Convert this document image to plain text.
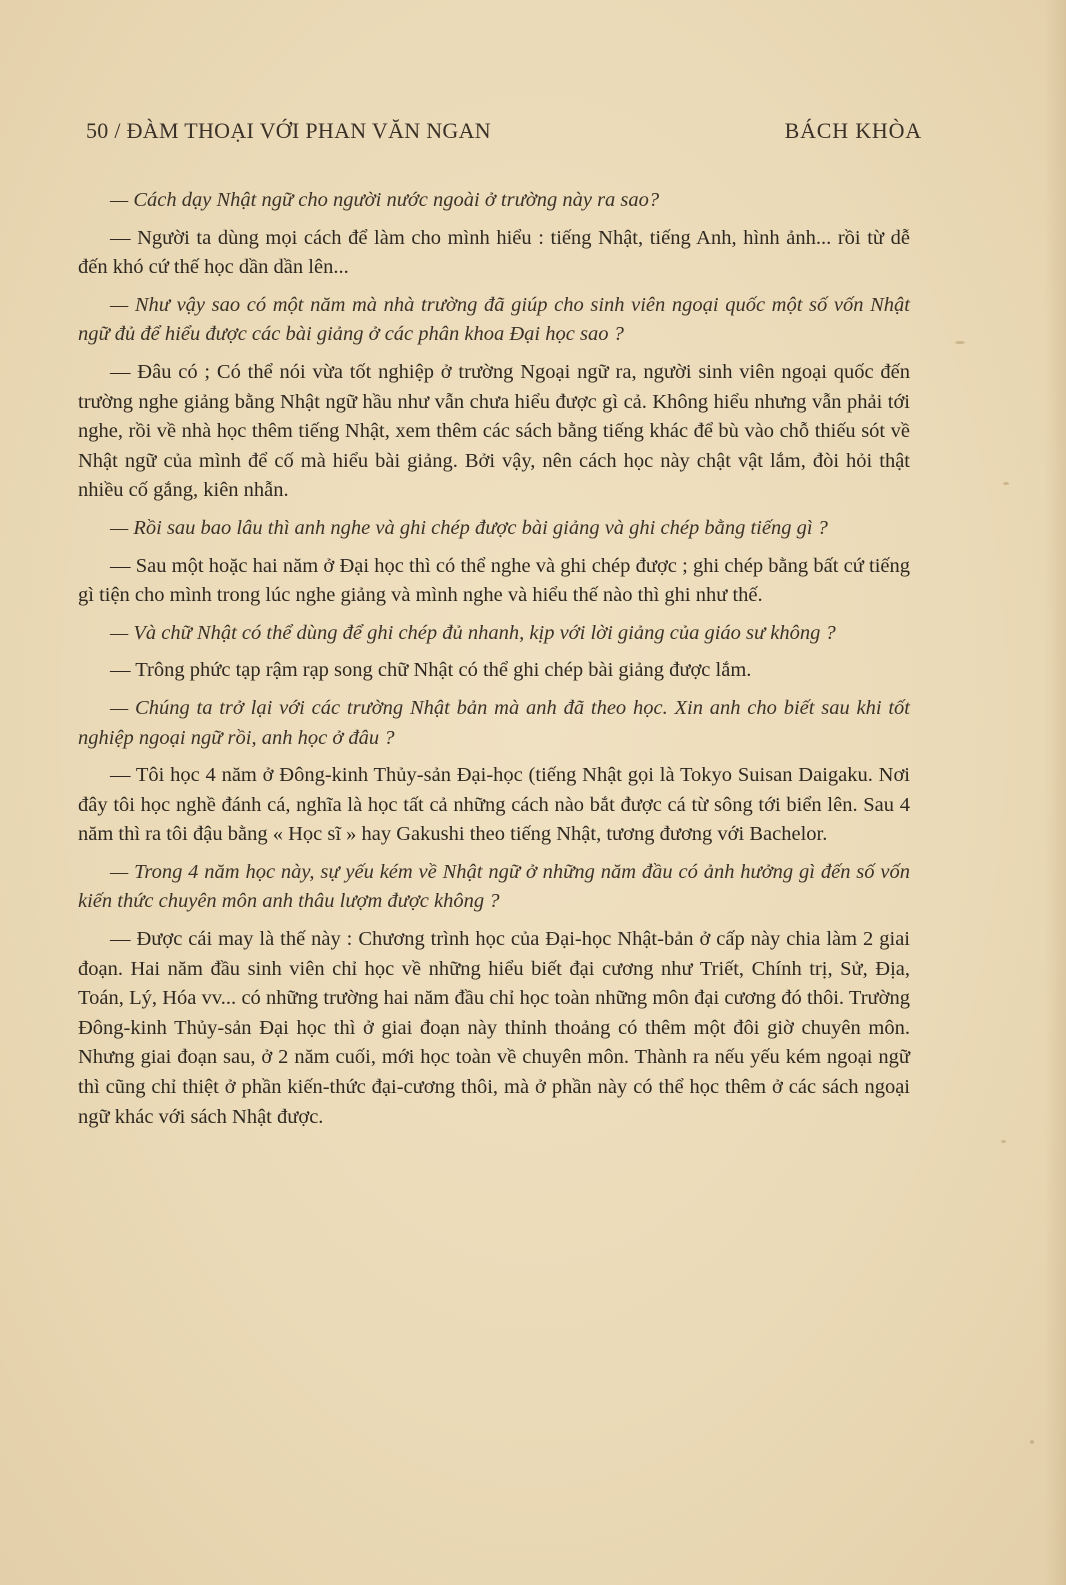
50 / ĐÀM THOẠI VỚI PHAN VĂN NGAN	BÁCH KHÒA

— Cách dạy Nhật ngữ cho người nước ngoài ở trường này ra sao?

— Người ta dùng mọi cách để làm cho mình hiểu : tiếng Nhật, tiếng Anh, hình ảnh... rồi từ dễ đến khó cứ thế học dần dần lên...

— Như vậy sao có một năm mà nhà trường đã giúp cho sinh viên ngoại quốc một số vốn Nhật ngữ đủ để hiểu được các bài giảng ở các phân khoa Đại học sao ?

— Đâu có ; Có thể nói vừa tốt nghiệp ở trường Ngoại ngữ ra, người sinh viên ngoại quốc đến trường nghe giảng bằng Nhật ngữ hầu như vẫn chưa hiểu được gì cả. Không hiểu nhưng vẫn phải tới nghe, rồi về nhà học thêm tiếng Nhật, xem thêm các sách bằng tiếng khác để bù vào chỗ thiếu sót về Nhật ngữ của mình để cố mà hiểu bài giảng. Bởi vậy, nên cách học này chật vật lắm, đòi hỏi thật nhiều cố gắng, kiên nhẫn.

— Rồi sau bao lâu thì anh nghe và ghi chép được bài giảng và ghi chép bằng tiếng gì ?

— Sau một hoặc hai năm ở Đại học thì có thể nghe và ghi chép được ; ghi chép bằng bất cứ tiếng gì tiện cho mình trong lúc nghe giảng và mình nghe và hiểu thế nào thì ghi như thế.

— Và chữ Nhật có thể dùng để ghi chép đủ nhanh, kịp với lời giảng của giáo sư không ?

— Trông phức tạp rậm rạp song chữ Nhật có thể ghi chép bài giảng được lắm.

— Chúng ta trở lại với các trường Nhật bản mà anh đã theo học. Xin anh cho biết sau khi tốt nghiệp ngoại ngữ rồi, anh học ở đâu ?

— Tôi học 4 năm ở Đông-kinh Thủy-sản Đại-học (tiếng Nhật gọi là Tokyo Suisan Daigaku. Nơi đây tôi học nghề đánh cá, nghĩa là học tất cả những cách nào bắt được cá từ sông tới biển lên. Sau 4 năm thì ra tôi đậu bằng « Học sĩ » hay Gakushi theo tiếng Nhật, tương đương với Bachelor.

— Trong 4 năm học này, sự yếu kém về Nhật ngữ ở những năm đầu có ảnh hưởng gì đến số vốn kiến thức chuyên môn anh thâu lượm được không ?

— Được cái may là thế này : Chương trình học của Đại-học Nhật-bản ở cấp này chia làm 2 giai đoạn. Hai năm đầu sinh viên chỉ học về những hiểu biết đại cương như Triết, Chính trị, Sử, Địa, Toán, Lý, Hóa vv... có những trường hai năm đầu chỉ học toàn những môn đại cương đó thôi. Trường Đông-kinh Thủy-sản Đại học thì ở giai đoạn này thỉnh thoảng có thêm một đôi giờ chuyên môn. Nhưng giai đoạn sau, ở 2 năm cuối, mới học toàn về chuyên môn. Thành ra nếu yếu kém ngoại ngữ thì cũng chỉ thiệt ở phần kiến-thức đại-cương thôi, mà ở phần này có thể học thêm ở các sách ngoại ngữ khác với sách Nhật được.
